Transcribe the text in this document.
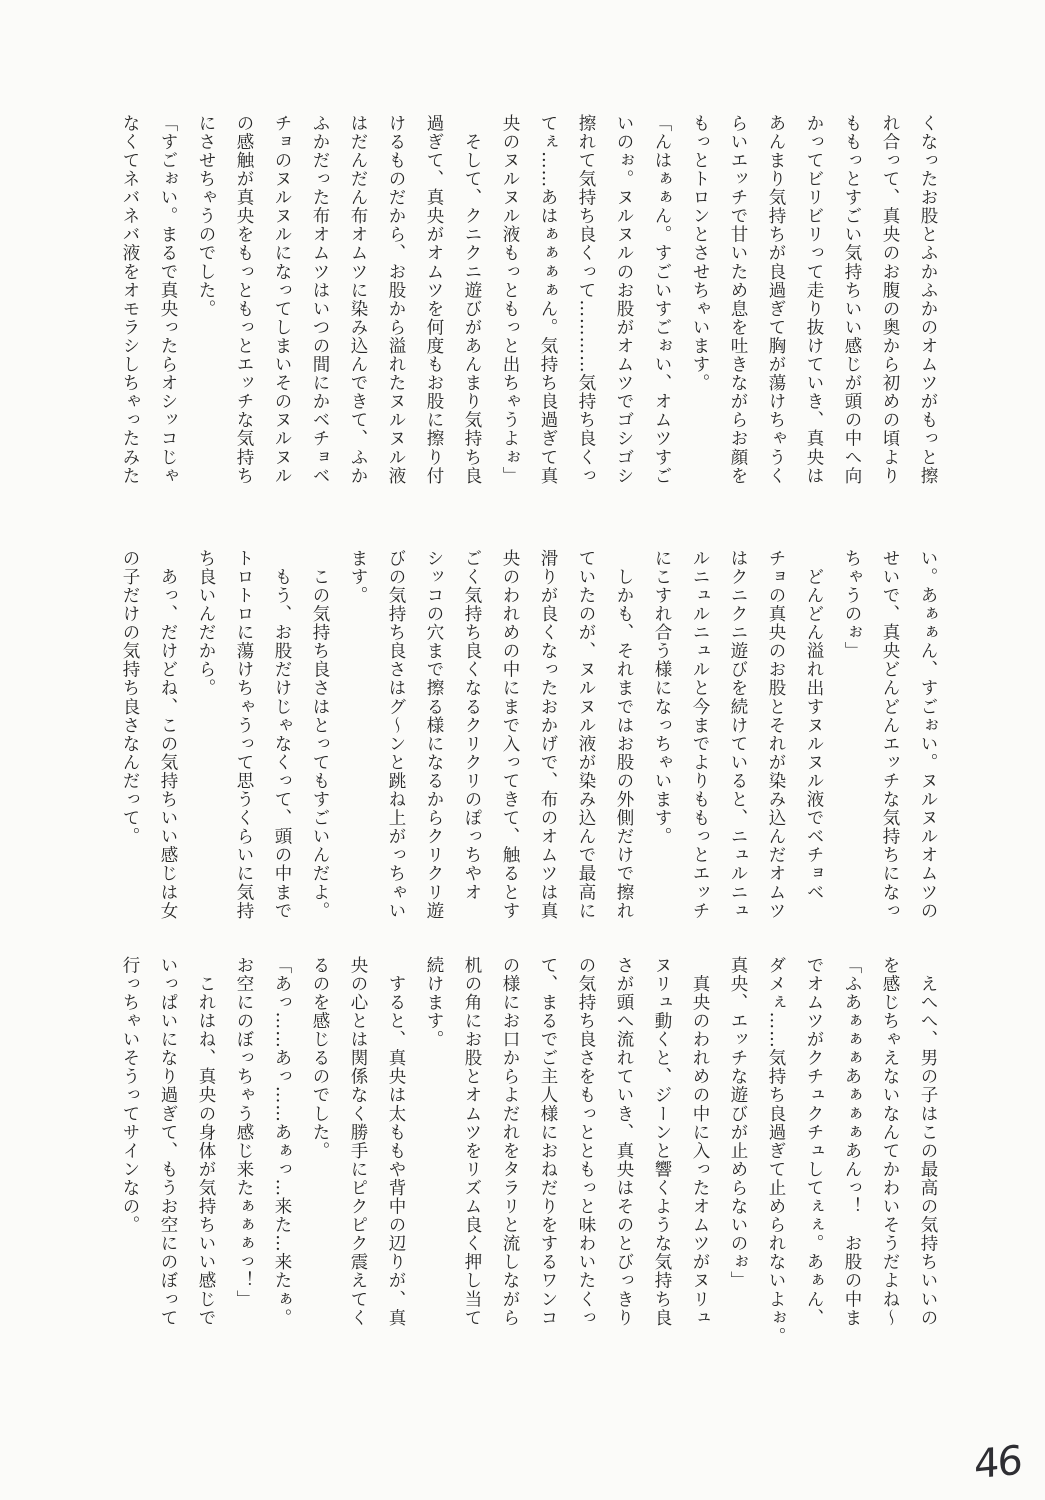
くなったお股とふかふかのオムツがもっと擦
れ合って、真央のお腹の奥から初めの頃より
ももっとすごい気持ちいい感じが頭の中へ向
かってビリビリって走り抜けていき、真央は
あんまり気持ちが良過ぎて胸が蕩けちゃうく
らいエッチで甘いため息を吐きながらお顔を
もっとトロンとさせちゃいます。
「んはぁぁん。すごいすごぉい、オムツすご
いのぉ。ヌルヌルのお股がオムツでゴシゴシ
擦れて気持ち良くって…………気持ち良くっ
てぇ……あはぁぁぁぁん。気持ち良過ぎて真
央のヌルヌル液もっともっと出ちゃうよぉ」
　そして、クニクニ遊びがあんまり気持ち良
過ぎて、真央がオムツを何度もお股に擦り付
けるものだから、お股から溢れたヌルヌル液
はだんだん布オムツに染み込んできて、ふか
ふかだった布オムツはいつの間にかベチョベ
チョのヌルヌルになってしまいそのヌルヌル
の感触が真央をもっともっとエッチな気持ち
にさせちゃうのでした。
「すごぉい。まるで真央ったらオシッコじゃ
なくてネバネバ液をオモラシしちゃったみた
い。あぁぁん、すごぉい。ヌルヌルオムツの
せいで、真央どんどんエッチな気持ちになっ
ちゃうのぉ」
　どんどん溢れ出すヌルヌル液でベチョベ
チョの真央のお股とそれが染み込んだオムツ
はクニクニ遊びを続けていると、ニュルニュ
ルニュルニュルと今までよりももっとエッチ
にこすれ合う様になっちゃいます。
　しかも、それまではお股の外側だけで擦れ
ていたのが、ヌルヌル液が染み込んで最高に
滑りが良くなったおかげで、布のオムツは真
央のわれめの中にまで入ってきて、触るとす
ごく気持ち良くなるクリクリのぽっちやオ
シッコの穴まで擦る様になるからクリクリ遊
びの気持ち良さはグ〜ンと跳ね上がっちゃい
ます。
　この気持ち良さはとってもすごいんだよ。
　もう、お股だけじゃなくって、頭の中まで
トロトロに蕩けちゃうって思うくらいに気持
ち良いんだから。
　あっ、だけどね、この気持ちいい感じは女
の子だけの気持ち良さなんだって。
　えへへ、男の子はこの最高の気持ちいいの
を感じちゃえないなんてかわいそうだよね〜
「ふあぁぁぁあぁぁぁあんっ！　お股の中ま
でオムツがクチュクチュしてぇぇ。あぁん、
ダメぇ……気持ち良過ぎて止められないよぉ。
真央、エッチな遊びが止めらないのぉ」
　真央のわれめの中に入ったオムツがヌリュ
ヌリュ動くと、ジーンと響くような気持ち良
さが頭へ流れていき、真央はそのとびっきり
の気持ち良さをもっとともっと味わいたくっ
て、まるでご主人様におねだりをするワンコ
の様にお口からよだれをタラリと流しながら
机の角にお股とオムツをリズム良く押し当て
続けます。
　すると、真央は太ももや背中の辺りが、真
央の心とは関係なく勝手にピクピク震えてく
るのを感じるのでした。
「あっ……あっ……あぁっ…来た…来たぁ。
お空にのぼっちゃう感じ来たぁぁぁっ！」
　これはね、真央の身体が気持ちいい感じで
いっぱいになり過ぎて、もうお空にのぼって
行っちゃいそうってサインなの。
46
